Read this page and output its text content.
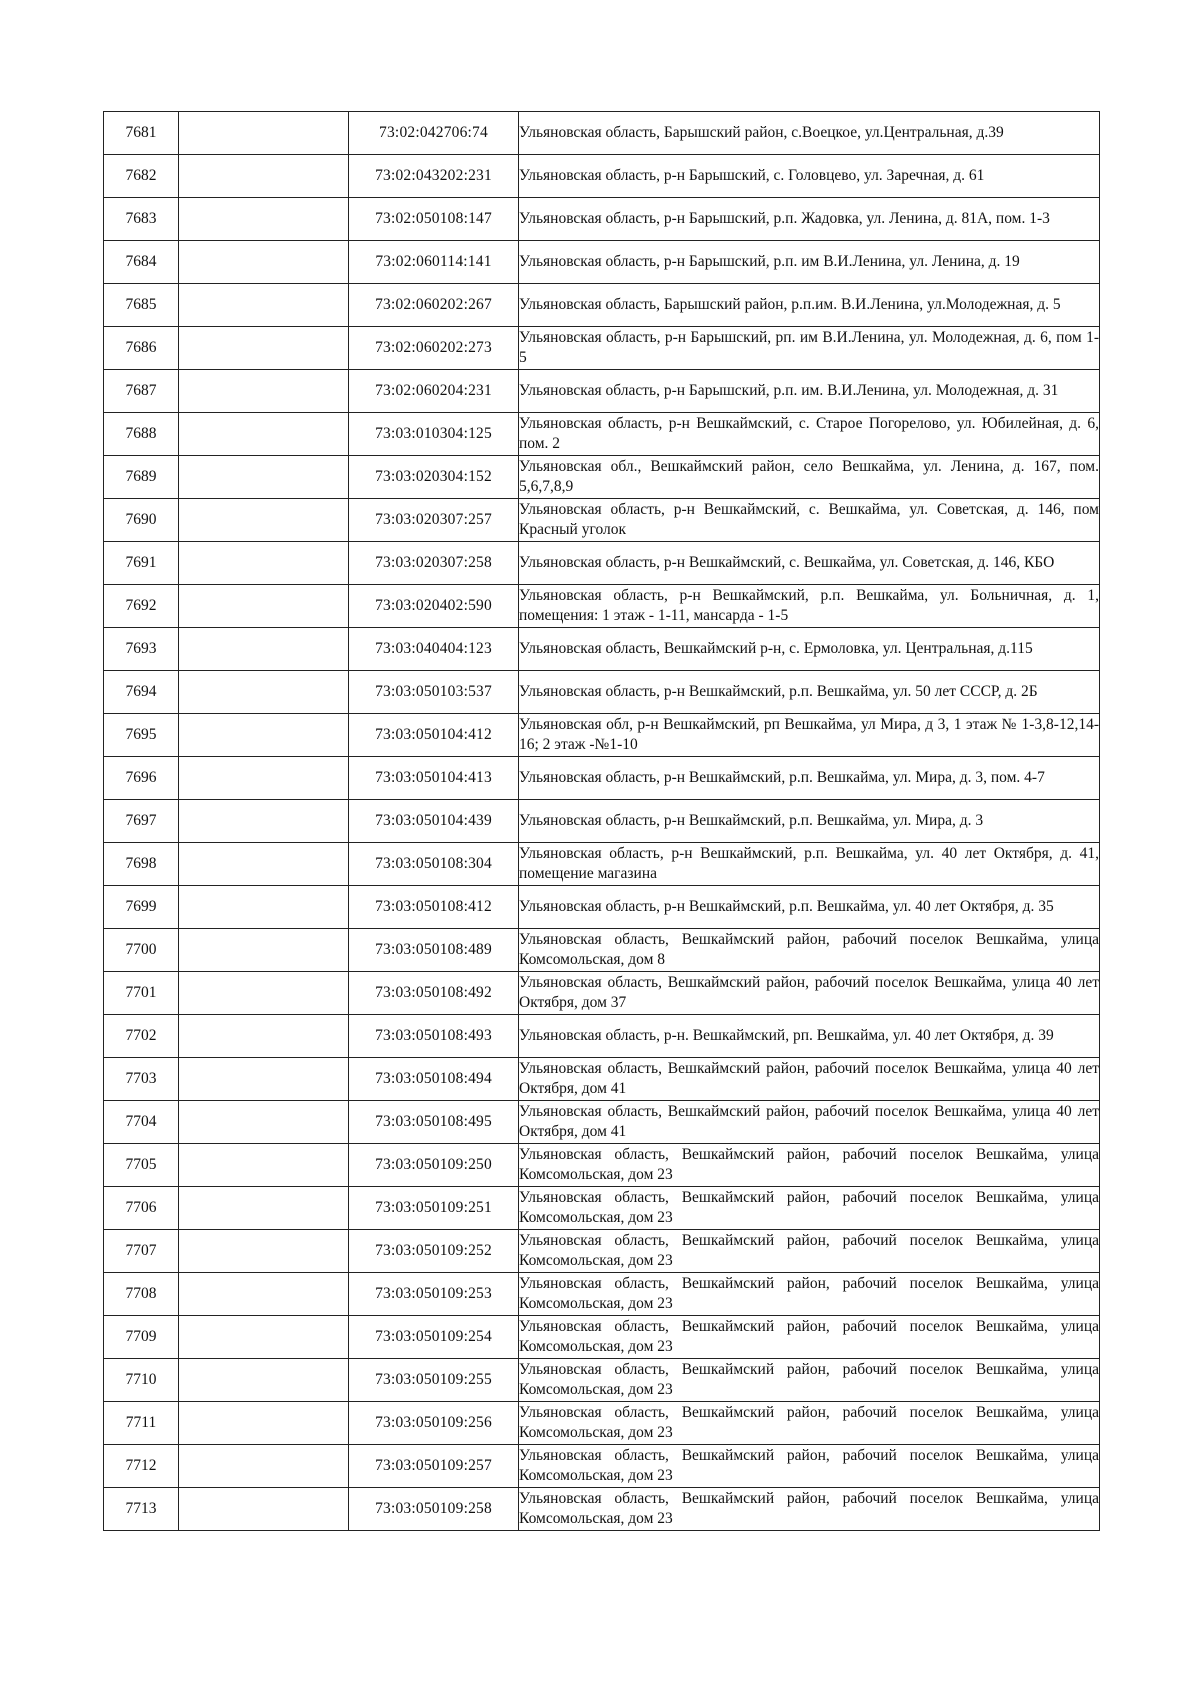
7681		73:02:042706:74	Ульяновская область, Барышский район, с.Воецкое, ул.Центральная, д.39

7682		73:02:043202:231	Ульяновская область, р-н Барышский, с. Головцево, ул. Заречная, д. 61

7683		73:02:050108:147	Ульяновская область, р-н Барышский, р.п. Жадовка, ул. Ленина, д. 81А, пом. 1-3

7684		73:02:060114:141	Ульяновская область, р-н Барышский, р.п. им В.И.Ленина, ул. Ленина, д. 19

7685		73:02:060202:267	Ульяновская область, Барышский район, р.п.им. В.И.Ленина, ул.Молодежная, д. 5

7686		73:02:060202:273	Ульяновская область, р-н Барышский, рп. им В.И.Ленина, ул. Молодежная, д. 6, пом 1-5

7687		73:02:060204:231	Ульяновская область, р-н Барышский, р.п. им. В.И.Ленина, ул. Молодежная, д. 31

7688		73:03:010304:125	Ульяновская область, р-н Вешкаймский, с. Старое Погорелово, ул. Юбилейная, д. 6, пом. 2

7689		73:03:020304:152	Ульяновская обл., Вешкаймский район, село Вешкайма, ул. Ленина, д. 167, пом. 5,6,7,8,9

7690		73:03:020307:257	Ульяновская область, р-н Вешкаймский, с. Вешкайма, ул. Советская, д. 146, пом Красный уголок

7691		73:03:020307:258	Ульяновская область, р-н Вешкаймский, с. Вешкайма, ул. Советская, д. 146, КБО

7692		73:03:020402:590	Ульяновская область, р-н Вешкаймский, р.п. Вешкайма, ул. Больничная, д. 1, помещения: 1 этаж - 1-11, мансарда - 1-5

7693		73:03:040404:123	Ульяновская область, Вешкаймский р-н, с. Ермоловка, ул. Центральная, д.115

7694		73:03:050103:537	Ульяновская область, р-н Вешкаймский, р.п. Вешкайма, ул. 50 лет СССР, д. 2Б

7695		73:03:050104:412	Ульяновская обл, р-н Вешкаймский, рп Вешкайма, ул Мира, д 3, 1 этаж № 1-3,8-12,14-16; 2 этаж -№1-10

7696		73:03:050104:413	Ульяновская область, р-н Вешкаймский, р.п. Вешкайма, ул. Мира, д. 3, пом. 4-7

7697		73:03:050104:439	Ульяновская область, р-н Вешкаймский, р.п. Вешкайма, ул. Мира, д. 3

7698		73:03:050108:304	Ульяновская область, р-н Вешкаймский, р.п. Вешкайма, ул. 40 лет Октября, д. 41, помещение магазина

7699		73:03:050108:412	Ульяновская область, р-н Вешкаймский, р.п. Вешкайма, ул. 40 лет Октября, д. 35

7700		73:03:050108:489	Ульяновская область, Вешкаймский район, рабочий поселок Вешкайма, улица Комсомольская, дом 8

7701		73:03:050108:492	Ульяновская область, Вешкаймский район, рабочий поселок Вешкайма, улица 40 лет Октября, дом 37

7702		73:03:050108:493	Ульяновская область, р-н. Вешкаймский, рп. Вешкайма, ул. 40 лет Октября, д. 39

7703		73:03:050108:494	Ульяновская область, Вешкаймский район, рабочий поселок Вешкайма, улица 40 лет Октября, дом 41

7704		73:03:050108:495	Ульяновская область, Вешкаймский район, рабочий поселок Вешкайма, улица 40 лет Октября, дом 41

7705		73:03:050109:250	Ульяновская область, Вешкаймский район, рабочий поселок Вешкайма, улица Комсомольская, дом 23

7706		73:03:050109:251	Ульяновская область, Вешкаймский район, рабочий поселок Вешкайма, улица Комсомольская, дом 23

7707		73:03:050109:252	Ульяновская область, Вешкаймский район, рабочий поселок Вешкайма, улица Комсомольская, дом 23

7708		73:03:050109:253	Ульяновская область, Вешкаймский район, рабочий поселок Вешкайма, улица Комсомольская, дом 23

7709		73:03:050109:254	Ульяновская область, Вешкаймский район, рабочий поселок Вешкайма, улица Комсомольская, дом 23

7710		73:03:050109:255	Ульяновская область, Вешкаймский район, рабочий поселок Вешкайма, улица Комсомольская, дом 23

7711		73:03:050109:256	Ульяновская область, Вешкаймский район, рабочий поселок Вешкайма, улица Комсомольская, дом 23

7712		73:03:050109:257	Ульяновская область, Вешкаймский район, рабочий поселок Вешкайма, улица Комсомольская, дом 23

7713		73:03:050109:258	Ульяновская область, Вешкаймский район, рабочий поселок Вешкайма, улица Комсомольская, дом 23
